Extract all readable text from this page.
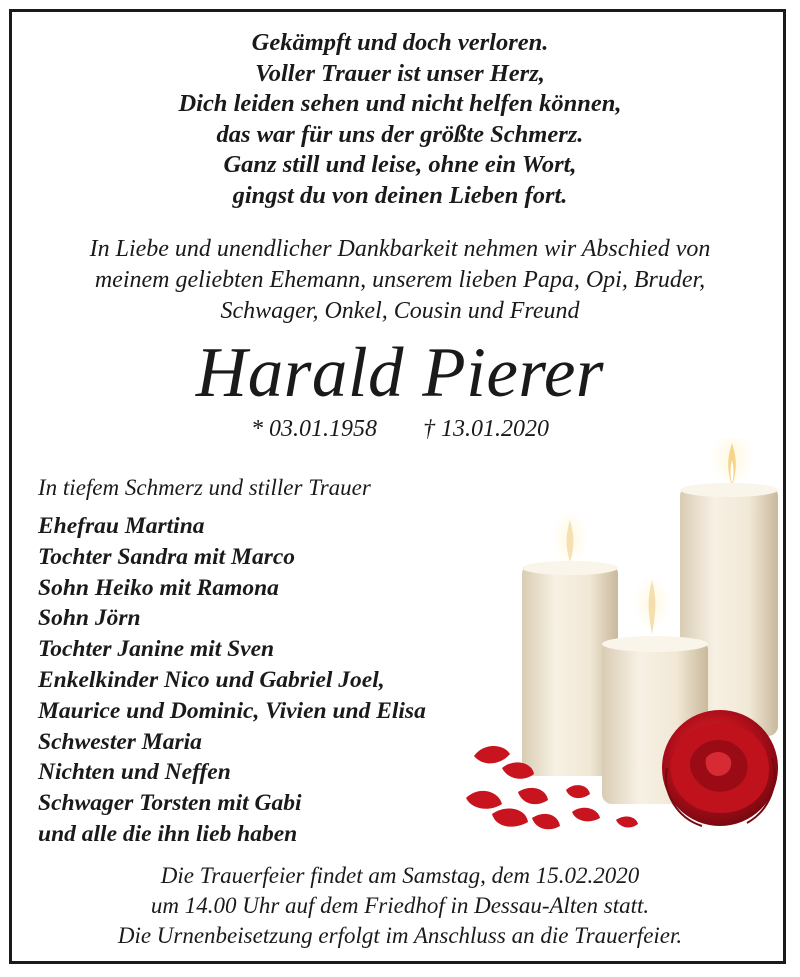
Gekämpft und doch verloren.
Voller Trauer ist unser Herz,
Dich leiden sehen und nicht helfen können,
das war für uns der größte Schmerz.
Ganz still und leise, ohne ein Wort,
gingst du von deinen Lieben fort.
In Liebe und unendlicher Dankbarkeit nehmen wir Abschied von
meinem geliebten Ehemann, unserem lieben Papa, Opi, Bruder,
Schwager, Onkel, Cousin und Freund
Harald Pierer
* 03.01.1958 † 13.01.2020
In tiefem Schmerz und stiller Trauer
Ehefrau Martina
Tochter Sandra mit Marco
Sohn Heiko mit Ramona
Sohn Jörn
Tochter Janine mit Sven
Enkelkinder Nico und Gabriel Joel,
Maurice und Dominic, Vivien und Elisa
Schwester Maria
Nichten und Neffen
Schwager Torsten mit Gabi
und alle die ihn lieb haben
Die Trauerfeier findet am Samstag, dem 15.02.2020
um 14.00 Uhr auf dem Friedhof in Dessau-Alten statt.
Die Urnenbeisetzung erfolgt im Anschluss an die Trauerfeier.
